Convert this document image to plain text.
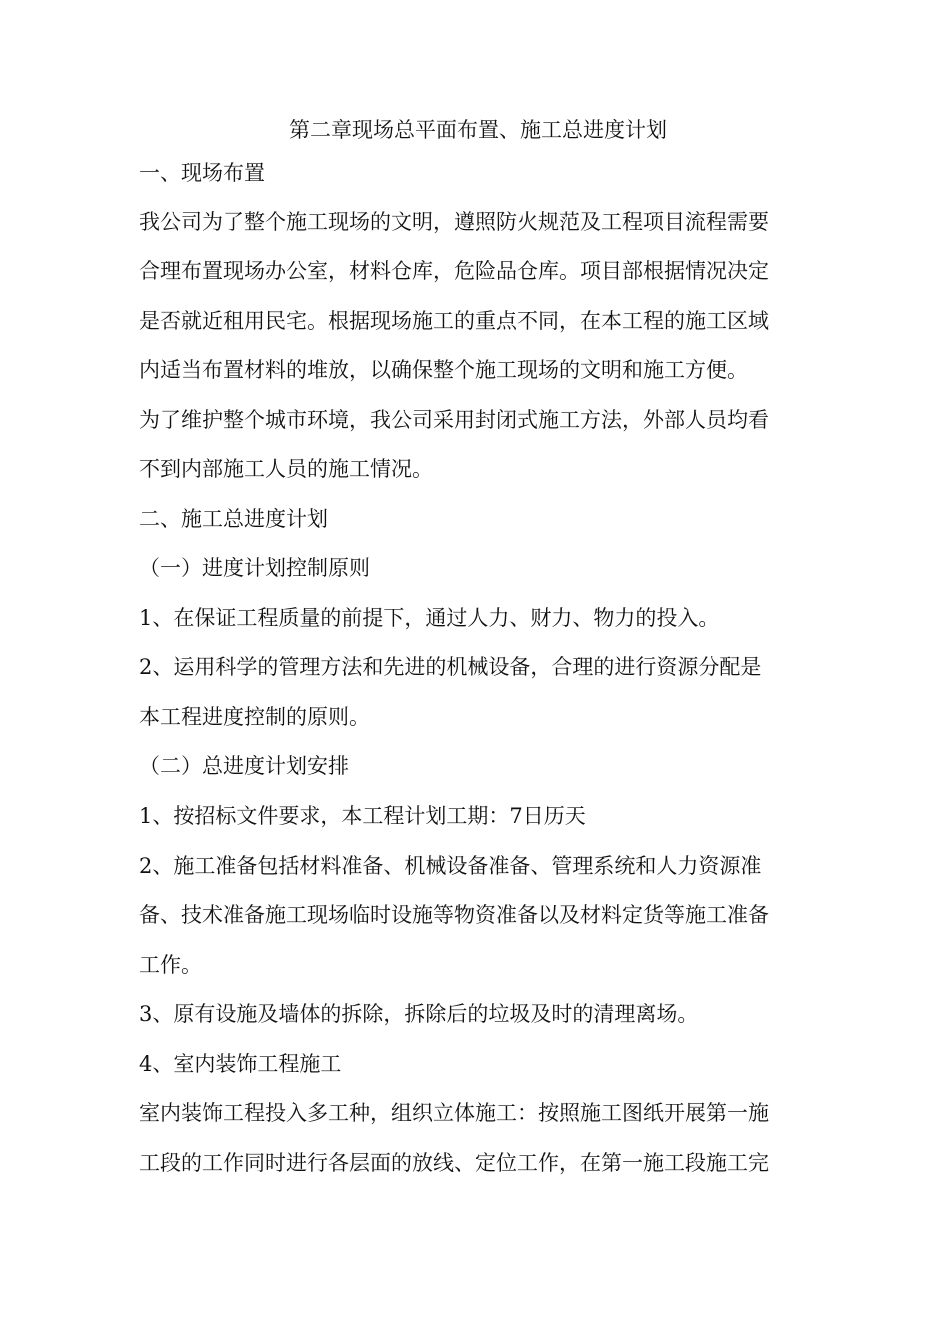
第二章现场总平面布置、施工总进度计划
一、现场布置
我公司为了整个施工现场的文明，遵照防火规范及工程项目流程需要
合理布置现场办公室，材料仓库，危险品仓库。项目部根据情况决定
是否就近租用民宅。根据现场施工的重点不同，在本工程的施工区域
内适当布置材料的堆放，以确保整个施工现场的文明和施工方便。
为了维护整个城市环境，我公司采用封闭式施工方法，外部人员均看
不到内部施工人员的施工情况。
二、施工总进度计划
（一）进度计划控制原则
1、在保证工程质量的前提下，通过人力、财力、物力的投入。
2、运用科学的管理方法和先进的机械设备，合理的进行资源分配是
本工程进度控制的原则。
（二）总进度计划安排
1、按招标文件要求，本工程计划工期：7日历天
2、施工准备包括材料准备、机械设备准备、管理系统和人力资源准
备、技术准备施工现场临时设施等物资准备以及材料定货等施工准备
工作。
3、原有设施及墙体的拆除，拆除后的垃圾及时的清理离场。
4、室内装饰工程施工
室内装饰工程投入多工种，组织立体施工：按照施工图纸开展第一施
工段的工作同时进行各层面的放线、定位工作，在第一施工段施工完
